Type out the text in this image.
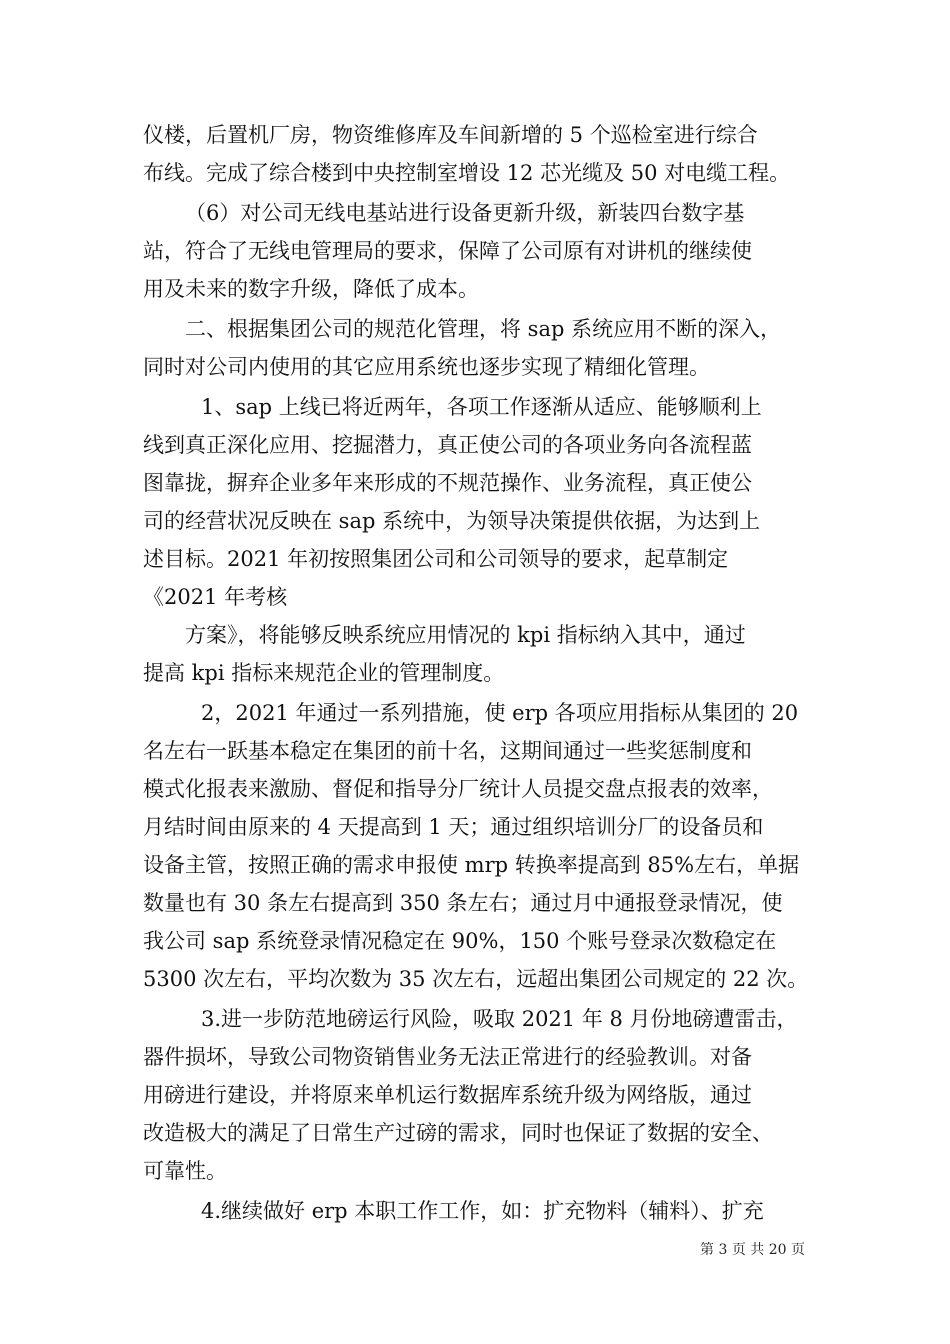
仪楼，后置机厂房，物资维修库及车间新增的 5 个巡检室进行综合
布线。完成了综合楼到中央控制室增设 12 芯光缆及 50 对电缆工程。
（6）对公司无线电基站进行设备更新升级，新装四台数字基
站，符合了无线电管理局的要求，保障了公司原有对讲机的继续使
用及未来的数字升级，降低了成本。
二、根据集团公司的规范化管理，将 sap 系统应用不断的深入，
同时对公司内使用的其它应用系统也逐步实现了精细化管理。
1、sap 上线已将近两年，各项工作逐渐从适应、能够顺利上
线到真正深化应用、挖掘潜力，真正使公司的各项业务向各流程蓝
图靠拢，摒弃企业多年来形成的不规范操作、业务流程，真正使公
司的经营状况反映在 sap 系统中，为领导决策提供依据，为达到上
述目标。2021 年初按照集团公司和公司领导的要求，起草制定
《2021 年考核
方案》，将能够反映系统应用情况的 kpi 指标纳入其中，通过
提高 kpi 指标来规范企业的管理制度。
2，2021 年通过一系列措施，使 erp 各项应用指标从集团的 20
名左右一跃基本稳定在集团的前十名，这期间通过一些奖惩制度和
模式化报表来激励、督促和指导分厂统计人员提交盘点报表的效率，
月结时间由原来的 4 天提高到 1 天；通过组织培训分厂的设备员和
设备主管，按照正确的需求申报使 mrp 转换率提高到 85%左右，单据
数量也有 30 条左右提高到 350 条左右；通过月中通报登录情况，使
我公司 sap 系统登录情况稳定在 90%，150 个账号登录次数稳定在
5300 次左右，平均次数为 35 次左右，远超出集团公司规定的 22 次。
3.进一步防范地磅运行风险，吸取 2021 年 8 月份地磅遭雷击，
器件损坏，导致公司物资销售业务无法正常进行的经验教训。对备
用磅进行建设，并将原来单机运行数据库系统升级为网络版，通过
改造极大的满足了日常生产过磅的需求，同时也保证了数据的安全、
可靠性。
4.继续做好 erp 本职工作工作，如：扩充物料（辅料）、扩充
第 3 页 共 20 页
